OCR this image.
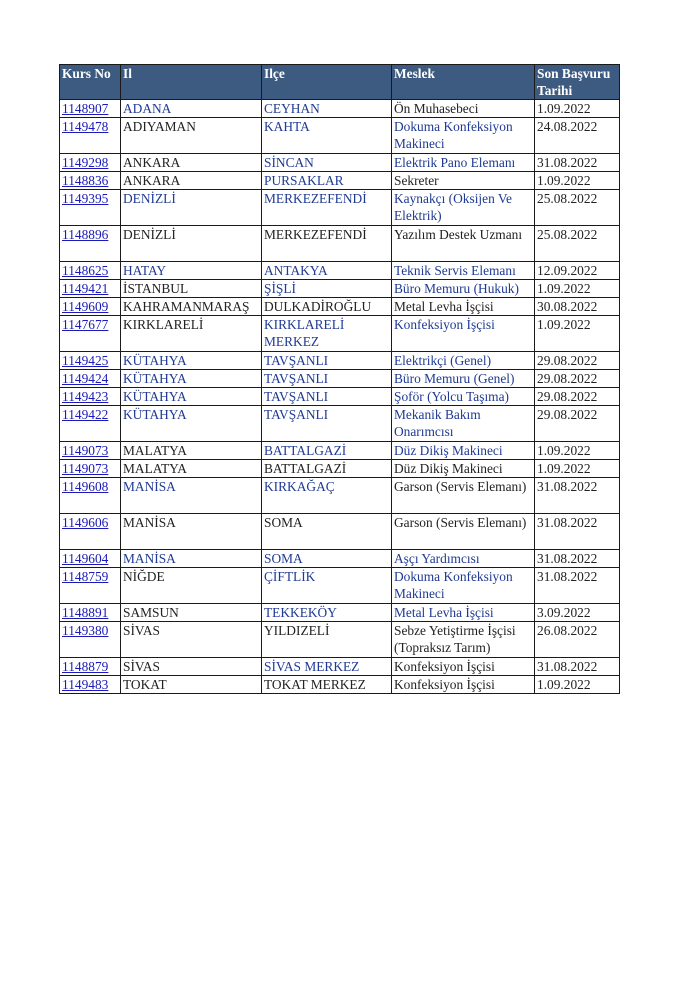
Kurs No	Il	Ilçe	Meslek	Son Başvuru Tarihi
1148907	ADANA	CEYHAN	Ön Muhasebeci	1.09.2022
1149478	ADIYAMAN	KAHTA	Dokuma Konfeksiyon Makineci	24.08.2022
1149298	ANKARA	SİNCAN	Elektrik Pano Elemanı	31.08.2022
1148836	ANKARA	PURSAKLAR	Sekreter	1.09.2022
1149395	DENİZLİ	MERKEZEFENDİ	Kaynakçı (Oksijen Ve Elektrik)	25.08.2022
1148896	DENİZLİ	MERKEZEFENDİ	Yazılım Destek Uzmanı	25.08.2022
1148625	HATAY	ANTAKYA	Teknik Servis Elemanı	12.09.2022
1149421	İSTANBUL	ŞİŞLİ	Büro Memuru (Hukuk)	1.09.2022
1149609	KAHRAMANMARAŞ	DULKADİROĞLU	Metal Levha İşçisi	30.08.2022
1147677	KIRKLARELİ	KIRKLARELİ MERKEZ	Konfeksiyon İşçisi	1.09.2022
1149425	KÜTAHYA	TAVŞANLI	Elektrikçi (Genel)	29.08.2022
1149424	KÜTAHYA	TAVŞANLI	Büro Memuru (Genel)	29.08.2022
1149423	KÜTAHYA	TAVŞANLI	Şoför (Yolcu Taşıma)	29.08.2022
1149422	KÜTAHYA	TAVŞANLI	Mekanik Bakım Onarımcısı	29.08.2022
1149073	MALATYA	BATTALGAZİ	Düz Dikiş Makineci	1.09.2022
1149073	MALATYA	BATTALGAZİ	Düz Dikiş Makineci	1.09.2022
1149608	MANİSA	KIRKAĞAÇ	Garson (Servis Elemanı)	31.08.2022
1149606	MANİSA	SOMA	Garson (Servis Elemanı)	31.08.2022
1149604	MANİSA	SOMA	Aşçı Yardımcısı	31.08.2022
1148759	NİĞDE	ÇİFTLİK	Dokuma Konfeksiyon Makineci	31.08.2022
1148891	SAMSUN	TEKKEKÖY	Metal Levha İşçisi	3.09.2022
1149380	SİVAS	YILDIZELİ	Sebze Yetiştirme İşçisi (Topraksız Tarım)	26.08.2022
1148879	SİVAS	SİVAS MERKEZ	Konfeksiyon İşçisi	31.08.2022
1149483	TOKAT	TOKAT MERKEZ	Konfeksiyon İşçisi	1.09.2022
